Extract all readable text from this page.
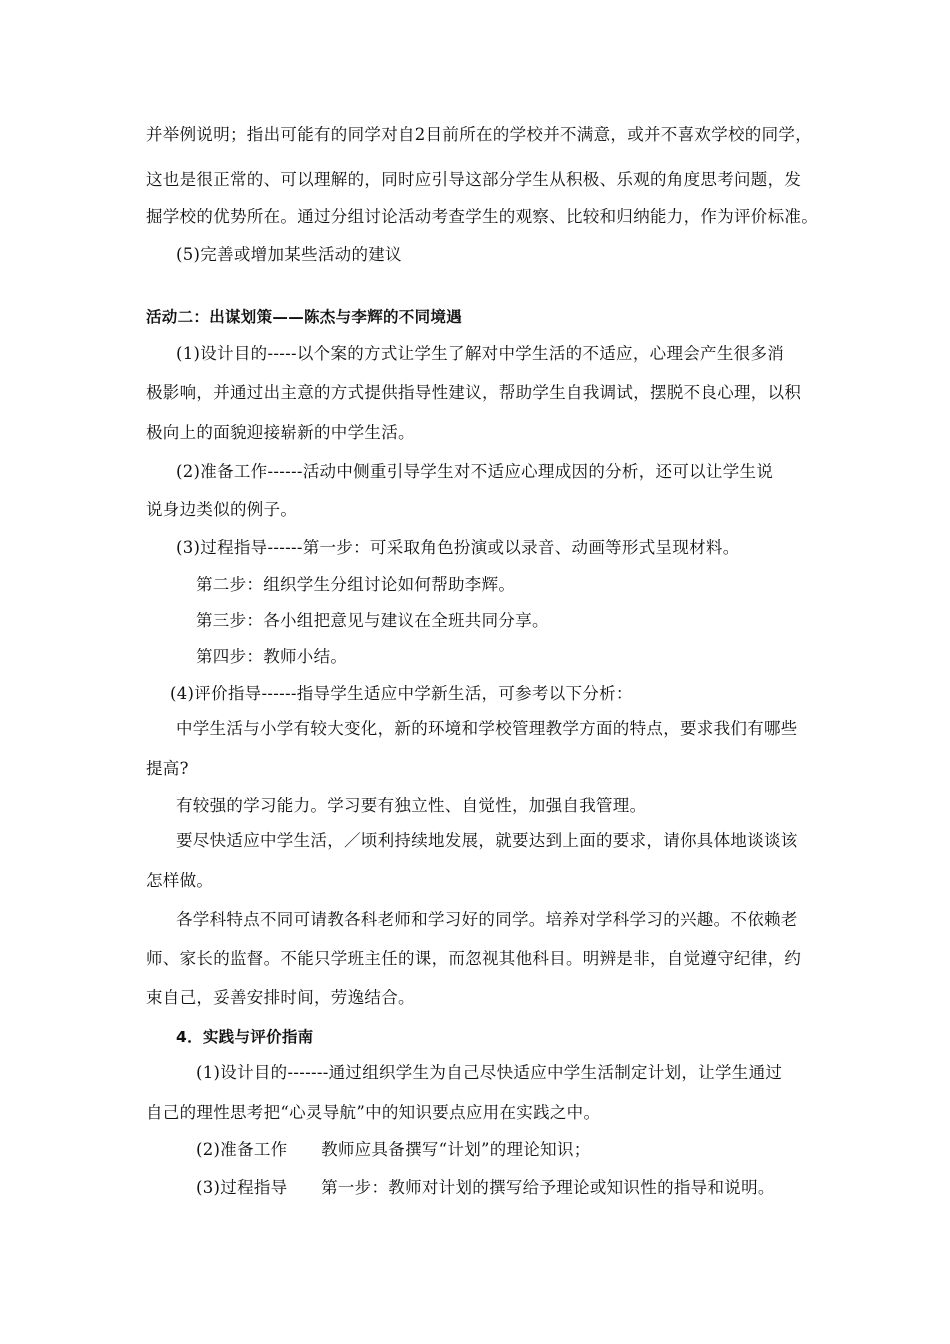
并举例说明；指出可能有的同学对自2目前所在的学校并不满意，或并不喜欢学校的同学，
这也是很正常的、可以理解的，同时应引导这部分学生从积极、乐观的角度思考问题，发
掘学校的优势所在。通过分组讨论活动考查学生的观察、比较和归纳能力，作为评价标准。
(5)完善或增加某些活动的建议
活动二：出谋划策——陈杰与李辉的不同境遇
(1)设计目的-----以个案的方式让学生了解对中学生活的不适应，心理会产生很多消
极影响，并通过出主意的方式提供指导性建议，帮助学生自我调试，摆脱不良心理，以积
极向上的面貌迎接崭新的中学生活。
(2)准备工作------活动中侧重引导学生对不适应心理成因的分析，还可以让学生说
说身边类似的例子。
(3)过程指导------第一步：可采取角色扮演或以录音、动画等形式呈现材料。
第二步：组织学生分组讨论如何帮助李辉。
第三步：各小组把意见与建议在全班共同分享。
第四步：教师小结。
(4)评价指导------指导学生适应中学新生活，可参考以下分析：
中学生活与小学有较大变化，新的环境和学校管理教学方面的特点，要求我们有哪些
提高?
有较强的学习能力。学习要有独立性、自觉性，加强自我管理。
要尽快适应中学生活，／顷利持续地发展，就要达到上面的要求，请你具体地谈谈该
怎样做。
各学科特点不同可请教各科老师和学习好的同学。培养对学科学习的兴趣。不依赖老
师、家长的监督。不能只学班主任的课，而忽视其他科目。明辨是非，自觉遵守纪律，约
束自己，妥善安排时间，劳逸结合。
4．实践与评价指南
(1)设计目的-------通过组织学生为自己尽快适应中学生活制定计划，让学生通过
自己的理性思考把“心灵导航”中的知识要点应用在实践之中。
(2)准备工作　　教师应具备撰写“计划”的理论知识；
(3)过程指导　　第一步：教师对计划的撰写给予理论或知识性的指导和说明。
